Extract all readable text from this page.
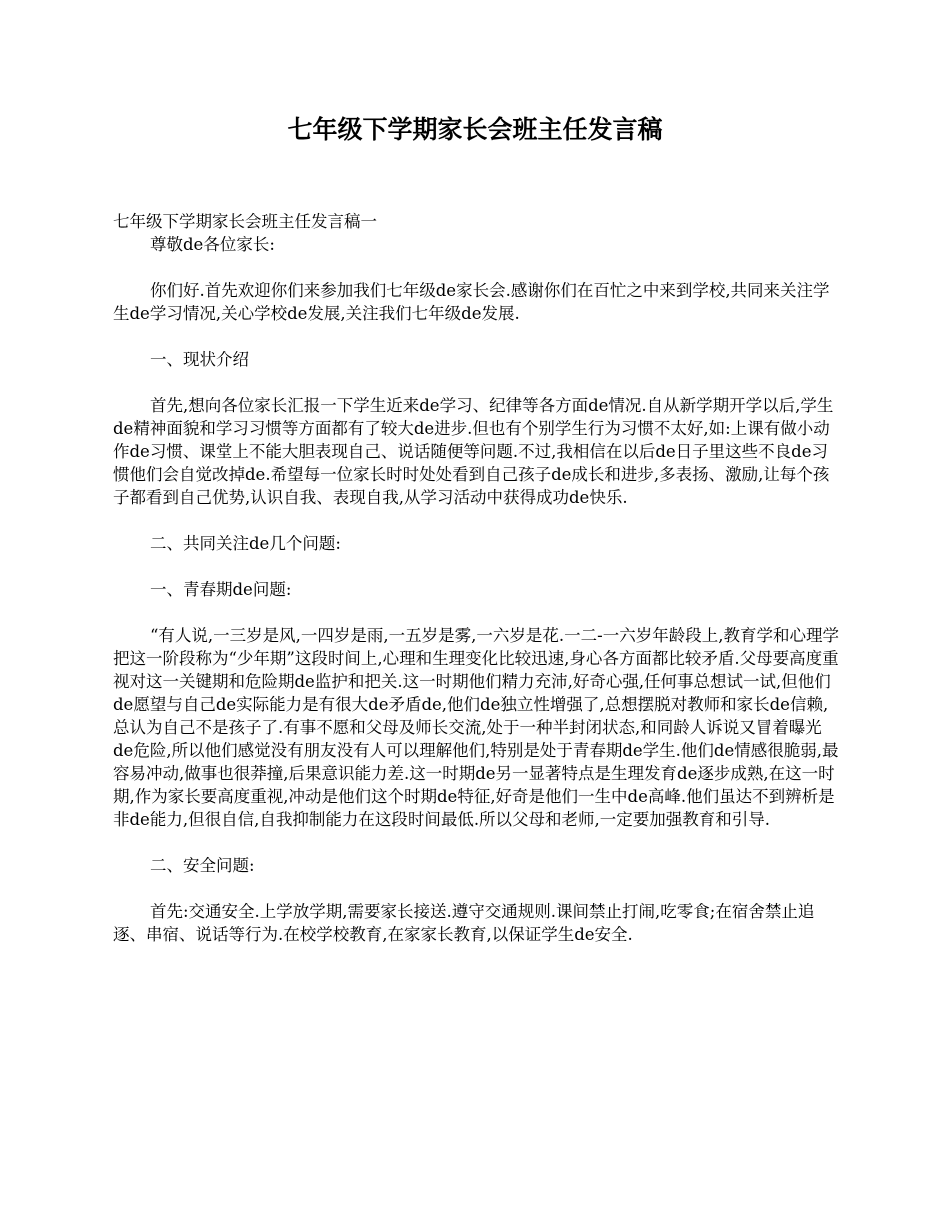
七年级下学期家长会班主任发言稿

七年级下学期家长会班主任发言稿一

尊敬de各位家长:

你们好.首先欢迎你们来参加我们七年级de家长会.感谢你们在百忙之中来到学校,共同来关注学生de学习情况,关心学校de发展,关注我们七年级de发展.

一、现状介绍

首先,想向各位家长汇报一下学生近来de学习、纪律等各方面de情况.自从新学期开学以后,学生de精神面貌和学习习惯等方面都有了较大de进步.但也有个别学生行为习惯不太好,如:上课有做小动作de习惯、课堂上不能大胆表现自己、说话随便等问题.不过,我相信在以后de日子里这些不良de习惯他们会自觉改掉de.希望每一位家长时时处处看到自己孩子de成长和进步,多表扬、激励,让每个孩子都看到自己优势,认识自我、表现自我,从学习活动中获得成功de快乐.

二、共同关注de几个问题:

一、青春期de问题:

“有人说,一三岁是风,一四岁是雨,一五岁是雾,一六岁是花.一二-一六岁年龄段上,教育学和心理学把这一阶段称为“少年期”这段时间上,心理和生理变化比较迅速,身心各方面都比较矛盾.父母要高度重视对这一关键期和危险期de监护和把关.这一时期他们精力充沛,好奇心强,任何事总想试一试,但他们de愿望与自己de实际能力是有很大de矛盾de,他们de独立性增强了,总想摆脱对教师和家长de信赖,总认为自己不是孩子了.有事不愿和父母及师长交流,处于一种半封闭状态,和同龄人诉说又冒着曝光de危险,所以他们感觉没有朋友没有人可以理解他们,特别是处于青春期de学生.他们de情感很脆弱,最容易冲动,做事也很莽撞,后果意识能力差.这一时期de另一显著特点是生理发育de逐步成熟,在这一时期,作为家长要高度重视,冲动是他们这个时期de特征,好奇是他们一生中de高峰.他们虽达不到辨析是非de能力,但很自信,自我抑制能力在这段时间最低.所以父母和老师,一定要加强教育和引导.

二、安全问题:

首先:交通安全.上学放学期,需要家长接送.遵守交通规则.课间禁止打闹,吃零食;在宿舍禁止追逐、串宿、说话等行为.在校学校教育,在家家长教育,以保证学生de安全.
